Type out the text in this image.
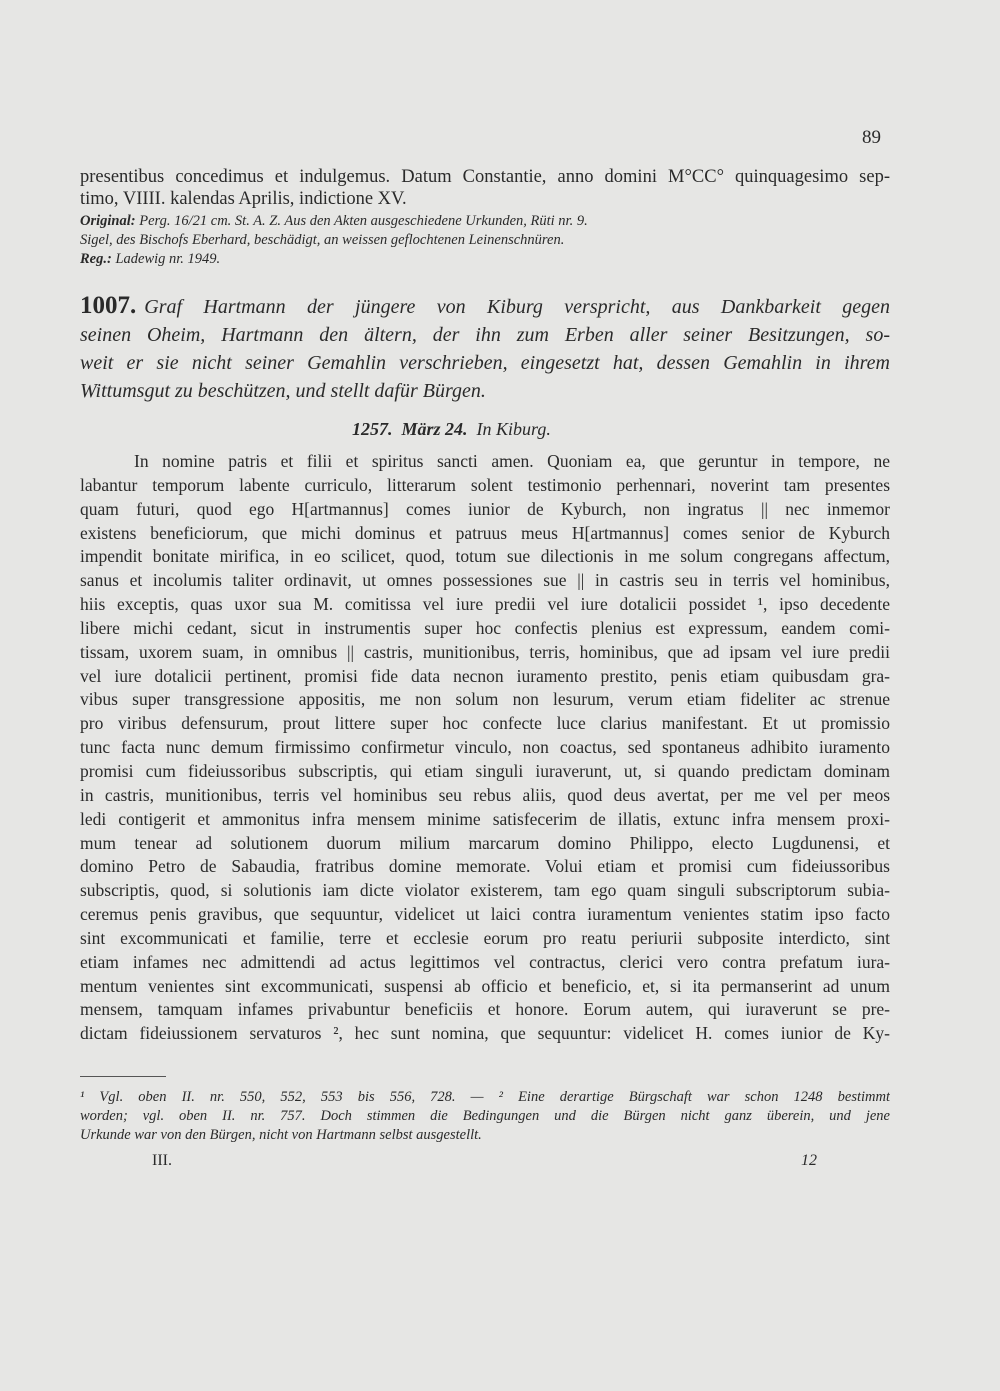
89
presentibus concedimus et indulgemus. Datum Constantie, anno domini M°CC° quinquagesimo sep-
timo, VIIII. kalendas Aprilis, indictione XV.
Original: Perg. 16/21 cm. St. A. Z. Aus den Akten ausgeschiedene Urkunden, Rüti nr. 9.
Sigel, des Bischofs Eberhard, beschädigt, an weissen geflochtenen Leinenschnüren.
Reg.: Ladewig nr. 1949.
1007. Graf Hartmann der jüngere von Kiburg verspricht, aus Dankbarkeit gegen
seinen Oheim, Hartmann den ältern, der ihn zum Erben aller seiner Besitzungen, so-
weit er sie nicht seiner Gemahlin verschrieben, eingesetzt hat, dessen Gemahlin in ihrem
Wittumsgut zu beschützen, und stellt dafür Bürgen.
1257. März 24. In Kiburg.
In nomine patris et filii et spiritus sancti amen. Quoniam ea, que geruntur in tempore, ne
labantur temporum labente curriculo, litterarum solent testimonio perhennari, noverint tam presentes
quam futuri, quod ego H[artmannus] comes iunior de Kyburch, non ingratus || nec inmemor
existens beneficiorum, que michi dominus et patruus meus H[artmannus] comes senior de Kyburch
impendit bonitate mirifica, in eo scilicet, quod, totum sue dilectionis in me solum congregans affectum,
sanus et incolumis taliter ordinavit, ut omnes possessiones sue || in castris seu in terris vel hominibus,
hiis exceptis, quas uxor sua M. comitissa vel iure predii vel iure dotalicii possidet ¹, ipso decedente
libere michi cedant, sicut in instrumentis super hoc confectis plenius est expressum, eandem comi-
tissam, uxorem suam, in omnibus || castris, munitionibus, terris, hominibus, que ad ipsam vel iure predii
vel iure dotalicii pertinent, promisi fide data necnon iuramento prestito, penis etiam quibusdam gra-
vibus super transgressione appositis, me non solum non lesurum, verum etiam fideliter ac strenue
pro viribus defensurum, prout littere super hoc confecte luce clarius manifestant. Et ut promissio
tunc facta nunc demum firmissimo confirmetur vinculo, non coactus, sed spontaneus adhibito iuramento
promisi cum fideiussoribus subscriptis, qui etiam singuli iuraverunt, ut, si quando predictam dominam
in castris, munitionibus, terris vel hominibus seu rebus aliis, quod deus avertat, per me vel per meos
ledi contigerit et ammonitus infra mensem minime satisfecerim de illatis, extunc infra mensem proxi-
mum tenear ad solutionem duorum milium marcarum domino Philippo, electo Lugdunensi, et
domino Petro de Sabaudia, fratribus domine memorate. Volui etiam et promisi cum fideiussoribus
subscriptis, quod, si solutionis iam dicte violator existerem, tam ego quam singuli subscriptorum subia-
ceremus penis gravibus, que sequuntur, videlicet ut laici contra iuramentum venientes statim ipso facto
sint excommunicati et familie, terre et ecclesie eorum pro reatu periurii subposite interdicto, sint
etiam infames nec admittendi ad actus legittimos vel contractus, clerici vero contra prefatum iura-
mentum venientes sint excommunicati, suspensi ab officio et beneficio, et, si ita permanserint ad unum
mensem, tamquam infames privabuntur beneficiis et honore. Eorum autem, qui iuraverunt se pre-
dictam fideiussionem servaturos ², hec sunt nomina, que sequuntur: videlicet H. comes iunior de Ky-
¹ Vgl. oben II. nr. 550, 552, 553 bis 556, 728. — ² Eine derartige Bürgschaft war schon 1248 bestimmt
worden; vgl. oben II. nr. 757. Doch stimmen die Bedingungen und die Bürgen nicht ganz überein, und jene
Urkunde war von den Bürgen, nicht von Hartmann selbst ausgestellt.
III.	12
